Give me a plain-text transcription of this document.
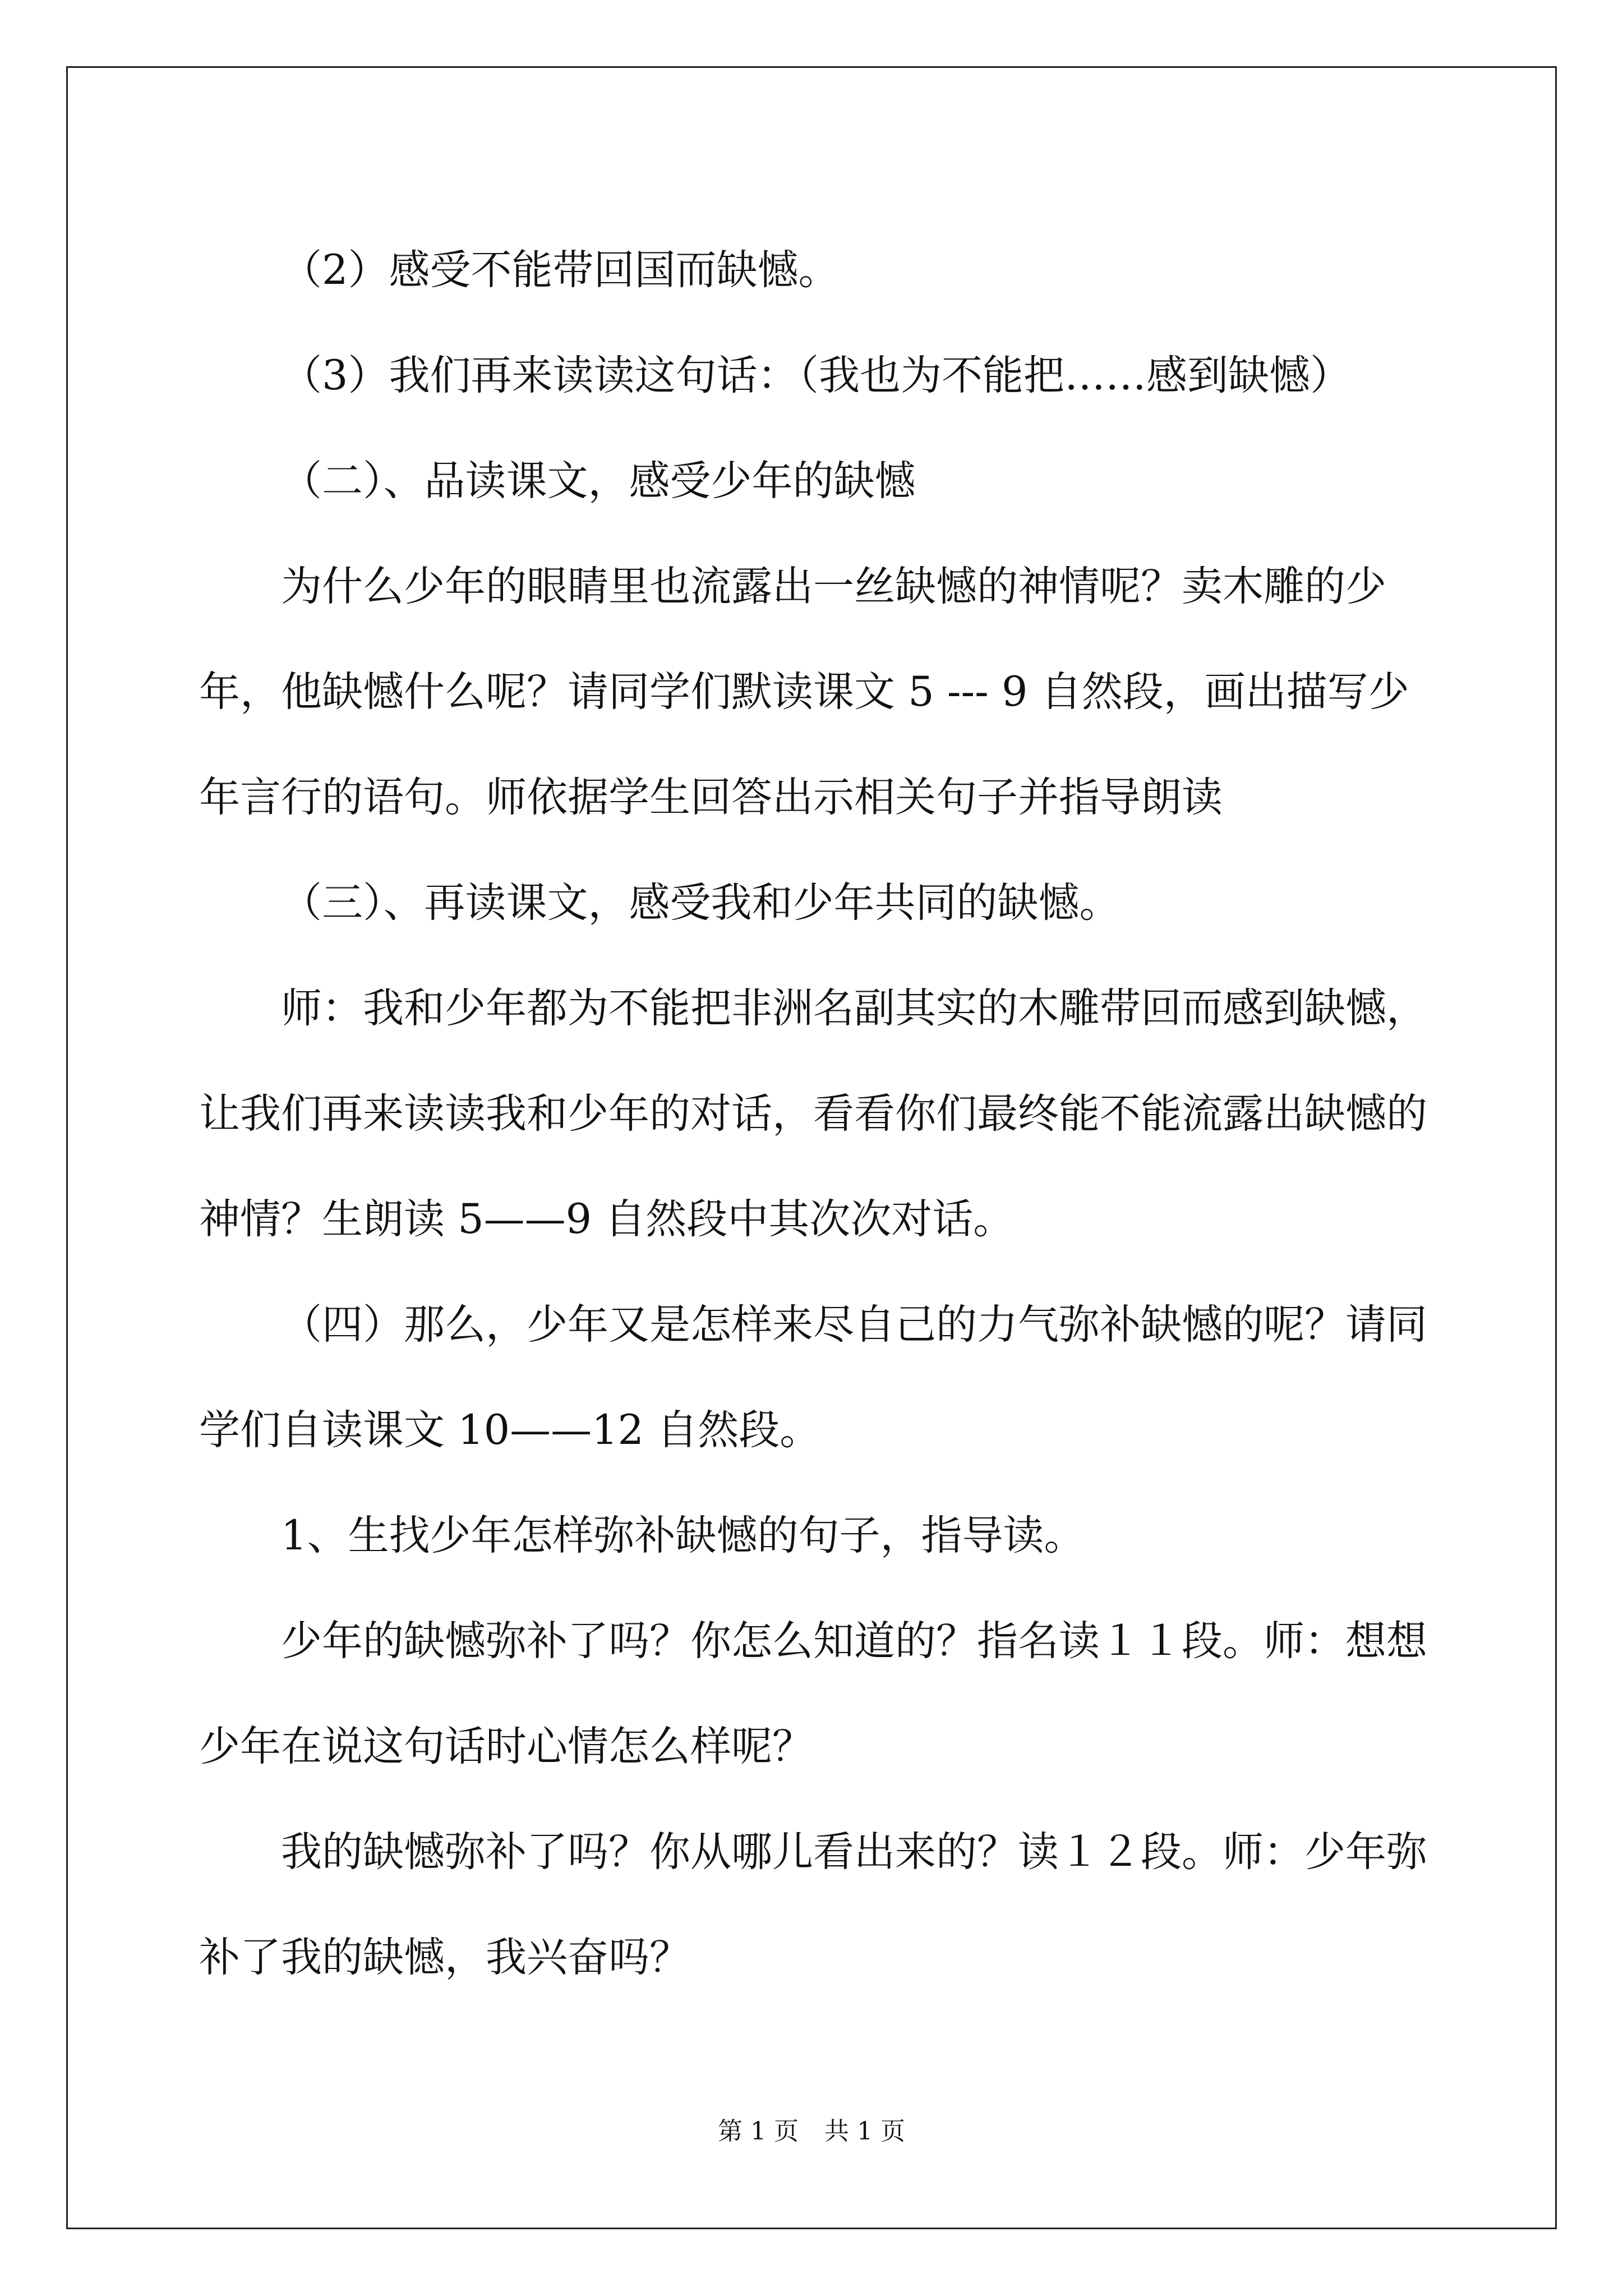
（2）感受不能带回国而缺憾。

（3）我们再来读读这句话：（我也为不能把……感到缺憾）

（二）、品读课文，感受少年的缺憾

为什么少年的眼睛里也流露出一丝缺憾的神情呢？卖木雕的少年，他缺憾什么呢？请同学们默读课文 5 --- 9 自然段，画出描写少年言行的语句。师依据学生回答出示相关句子并指导朗读

（三）、再读课文，感受我和少年共同的缺憾。

师：我和少年都为不能把非洲名副其实的木雕带回而感到缺憾，让我们再来读读我和少年的对话，看看你们最终能不能流露出缺憾的神情？生朗读 5——9 自然段中其次次对话。

（四）那么，少年又是怎样来尽自己的力气弥补缺憾的呢？请同学们自读课文 10——12 自然段。

1、生找少年怎样弥补缺憾的句子，指导读。

少年的缺憾弥补了吗？你怎么知道的？指名读１１段。师：想想少年在说这句话时心情怎么样呢？

我的缺憾弥补了吗？你从哪儿看出来的？读１２段。师：少年弥补了我的缺憾，我兴奋吗？

第 1 页 共 1 页
